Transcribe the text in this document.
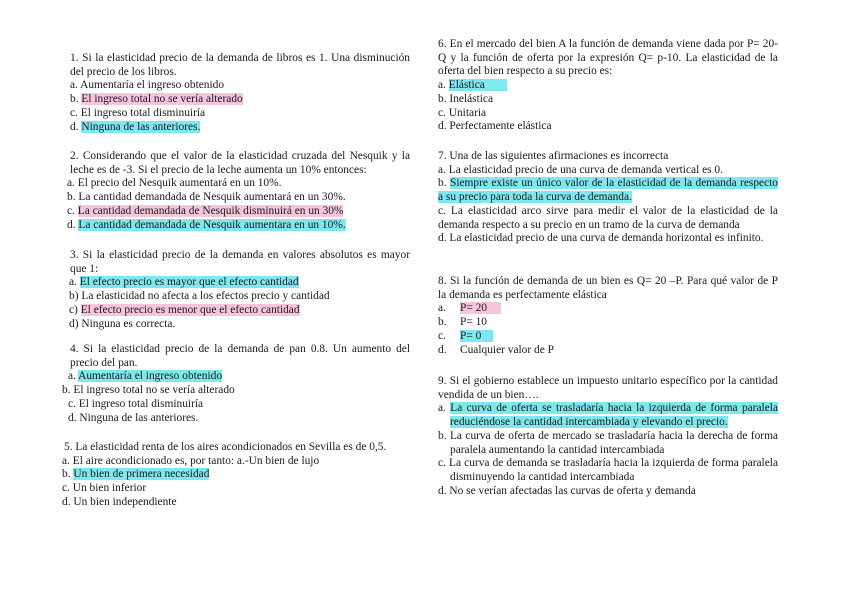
1. Si la elasticidad precio de la demanda de libros es 1. Una disminución del precio de los libros.
a. Aumentaría el ingreso obtenido
b. El ingreso total no se vería alterado
c. El ingreso total disminuiría
d. Ninguna de las anteriores.
2. Considerando que el valor de la elasticidad cruzada del Nesquik y la leche es de -3. Si el precio de la leche aumenta un 10% entonces:
a. El precio del Nesquik aumentará en un 10%.
b. La cantidad demandada de Nesquik aumentará en un 30%.
c. La cantidad demandada de Nesquik disminuirá en un 30%
d. La cantidad demandada de Nesquik aumentara en un 10%.
3. Si la elasticidad precio de la demanda en valores absolutos es mayor que 1:
a. El efecto precio es mayor que el efecto cantidad
b) La elasticidad no afecta a los efectos precio y cantidad
c) El efecto precio es menor que el efecto cantidad
d) Ninguna es correcta.
4. Si la elasticidad precio de la demanda de pan 0.8. Un aumento del precio del pan.
a. Aumentaría el ingreso obtenido
b. El ingreso total no se vería alterado
c. El ingreso total disminuiría
d. Ninguna de las anteriores.
5. La elasticidad renta de los aires acondicionados en Sevilla es de 0,5.
a. El aire acondicionado es, por tanto: a.-Un bien de lujo
b. Un bien de primera necesidad
c. Un bien inferior
d. Un bien independiente
6. En el mercado del bien A la función de demanda viene dada por P= 20-Q y la función de oferta por la expresión Q= p-10. La elasticidad de la oferta del bien respecto a su precio es:
a. Elástica
b. Inelástica
c. Unitaria
d. Perfectamente elástica
7. Una de las siguientes afirmaciones es incorrecta
a. La elasticidad precio de una curva de demanda vertical es 0.
b. Siempre existe un único valor de la elasticidad de la demanda respecto a su precio para toda la curva de demanda.
c. La elasticidad arco sirve para medir el valor de la elasticidad de la demanda respecto a su precio en un tramo de la curva de demanda
d. La elasticidad precio de una curva de demanda horizontal es infinito.
8. Si la función de demanda de un bien es Q= 20 –P. Para qué valor de P la demanda es perfectamente elástica
a. P= 20
b. P= 10
c. P= 0
d. Cualquier valor de P
9. Si el gobierno establece un impuesto unitario específico por la cantidad vendida de un bien….
a. La curva de oferta se trasladaría hacia la izquierda de forma paralela reduciéndose la cantidad intercambiada y elevando el precio.
b. La curva de oferta de mercado se trasladaría hacia la derecha de forma paralela aumentando la cantidad intercambiada
c. La curva de demanda se trasladaría hacia la izquierda de forma paralela disminuyendo la cantidad intercambiada
d. No se verían afectadas las curvas de oferta y demanda
